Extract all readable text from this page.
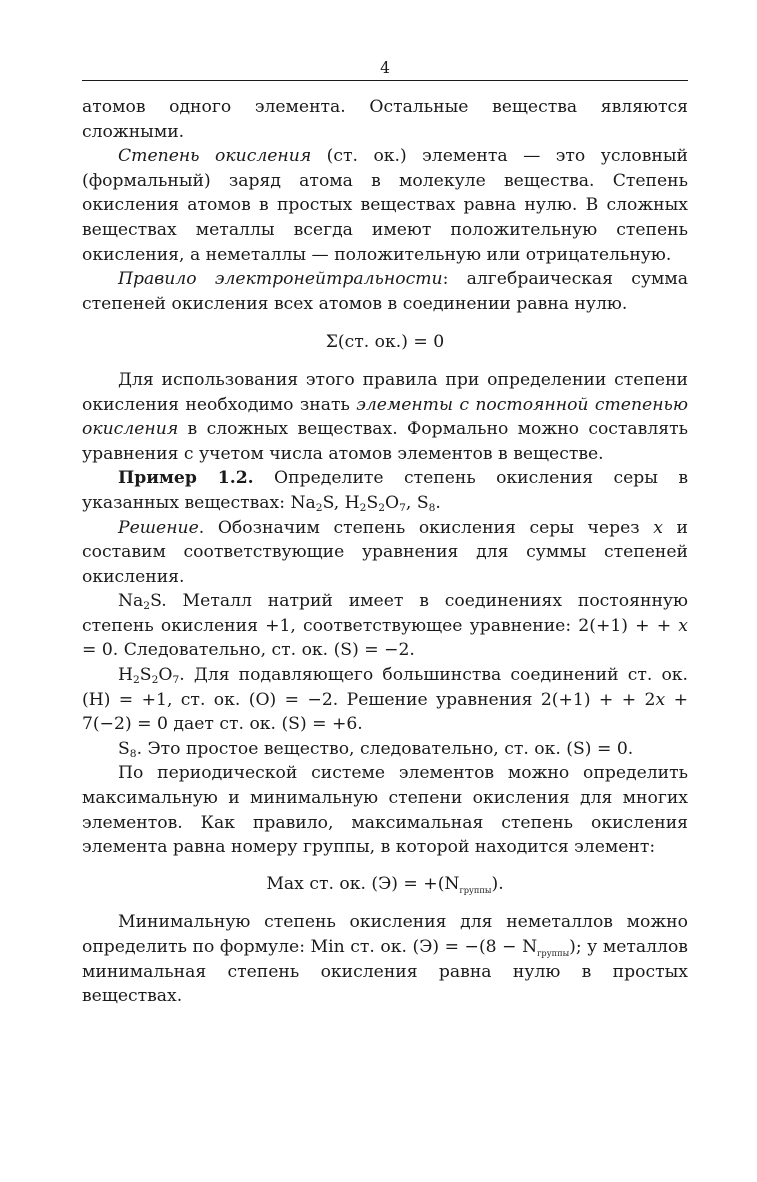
4

атомов одного элемента. Остальные вещества являются сложными.

Степень окисления (ст. ок.) элемента — это условный (формальный) заряд атома в молекуле вещества. Степень окисления атомов в простых веществах равна нулю. В сложных веществах металлы всегда имеют положительную степень окисления, а неметаллы — положительную или отрицательную.

Правило электронейтральности: алгебраическая сумма степеней окисления всех атомов в соединении равна нулю.

Σ(ст. ок.) = 0

Для использования этого правила при определении степени окисления необходимо знать элементы с постоянной степенью окисления в сложных веществах. Формально можно составлять уравнения с учетом числа атомов элементов в веществе.

Пример 1.2. Определите степень окисления серы в указанных веществах: $Na_2S$, $H_2S_2O_7$, $S_8$.

Решение. Обозначим степень окисления серы через x и составим соответствующие уравнения для суммы степеней окисления.

$Na_2S$. Металл натрий имеет в соединениях постоянную степень окисления +1, соответствующее уравнение: 2(+1) + + x = 0. Следовательно, ст. ок. (S) = −2.

$H_2S_2O_7$. Для подавляющего большинства соединений ст. ок. (H) = +1, ст. ок. (O) = −2. Решение уравнения 2(+1) + + 2x + 7(−2) = 0 дает ст. ок. (S) = +6.

$S_8$. Это простое вещество, следовательно, ст. ок. (S) = 0.

По периодической системе элементов можно определить максимальную и минимальную степени окисления для многих элементов. Как правило, максимальная степень окисления элемента равна номеру группы, в которой находится элемент:

Max ст. ок. $(Э) = +(N_{группы})$.

Минимальную степень окисления для неметаллов можно определить по формуле: Min ст. ок. $(Э) = -(8 - N_{группы})$; у металлов минимальная степень окисления равна нулю в простых веществах.
